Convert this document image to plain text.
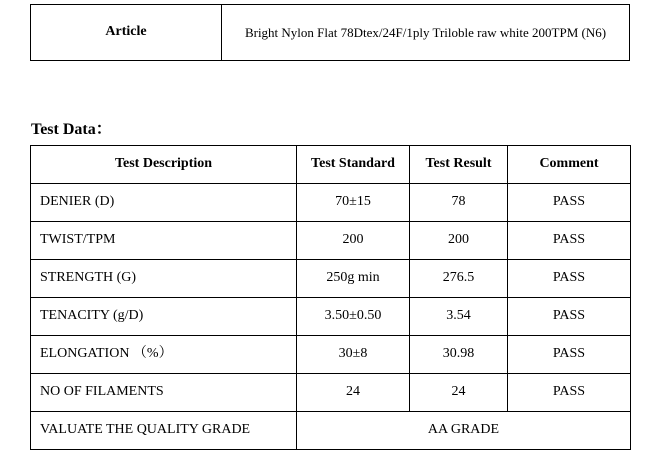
Article	Bright Nylon Flat 78Dtex/24F/1ply Triloble raw white 200TPM (N6)
Test Data：
Test Description	Test Standard	Test Result	Comment
DENIER (D)	70±15	78	PASS
TWIST/TPM	200	200	PASS
STRENGTH (G)	250g min	276.5	PASS
TENACITY (g/D)	3.50±0.50	3.54	PASS
ELONGATION （%）	30±8	30.98	PASS
NO OF FILAMENTS	24	24	PASS
VALUATE THE QUALITY GRADE	AA GRADE		
